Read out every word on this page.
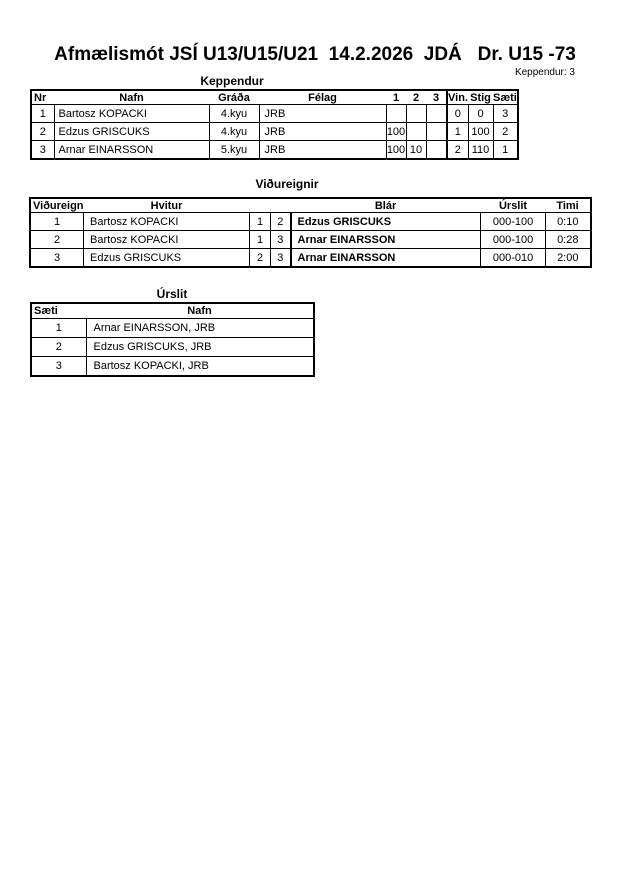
Afmælismót JSÍ U13/U15/U21  14.2.2026  JDÁ   Dr. U15 -73
Keppendur: 3
Keppendur
Nr	Nafn	Gráða	Félag	1	2	3	Vin.	Stig	Sæti
1	Bartosz KOPACKI	4.kyu	JRB				0	0	3
2	Edzus GRISCUKS	4.kyu	JRB	100			1	100	2
3	Arnar EINARSSON	5.kyu	JRB	100	10		2	110	1
Viðureignir
Viðureign	Hvitur			Blár	Úrslit	Timi
1	Bartosz KOPACKI	1	2	Edzus GRISCUKS	000-100	0:10
2	Bartosz KOPACKI	1	3	Arnar EINARSSON	000-100	0:28
3	Edzus GRISCUKS	2	3	Arnar EINARSSON	000-010	2:00
Úrslit
Sæti	Nafn
1	Arnar EINARSSON, JRB
2	Edzus GRISCUKS, JRB
3	Bartosz KOPACKI, JRB
